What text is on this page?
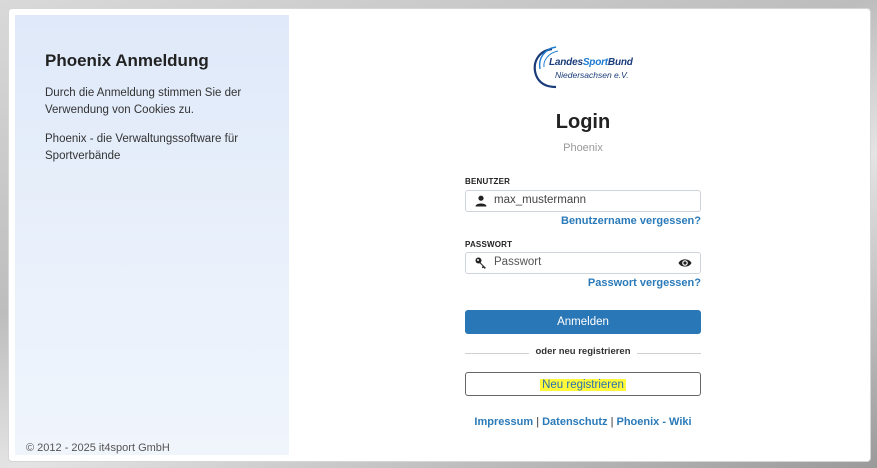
Phoenix Anmeldung

Durch die Anmeldung stimmen Sie der Verwendung von Cookies zu.

Phoenix - die Verwaltungssoftware für Sportverbände

© 2012 - 2025 it4sport GmbH
LandesSportBund
Niedersachsen e.V.
Login
Phoenix
BENUTZER
max_mustermann
Benutzername vergessen?
PASSWORT
Passwort
Passwort vergessen?
Anmelden
oder neu registrieren
Neu registrieren
Impressum | Datenschutz | Phoenix - Wiki
